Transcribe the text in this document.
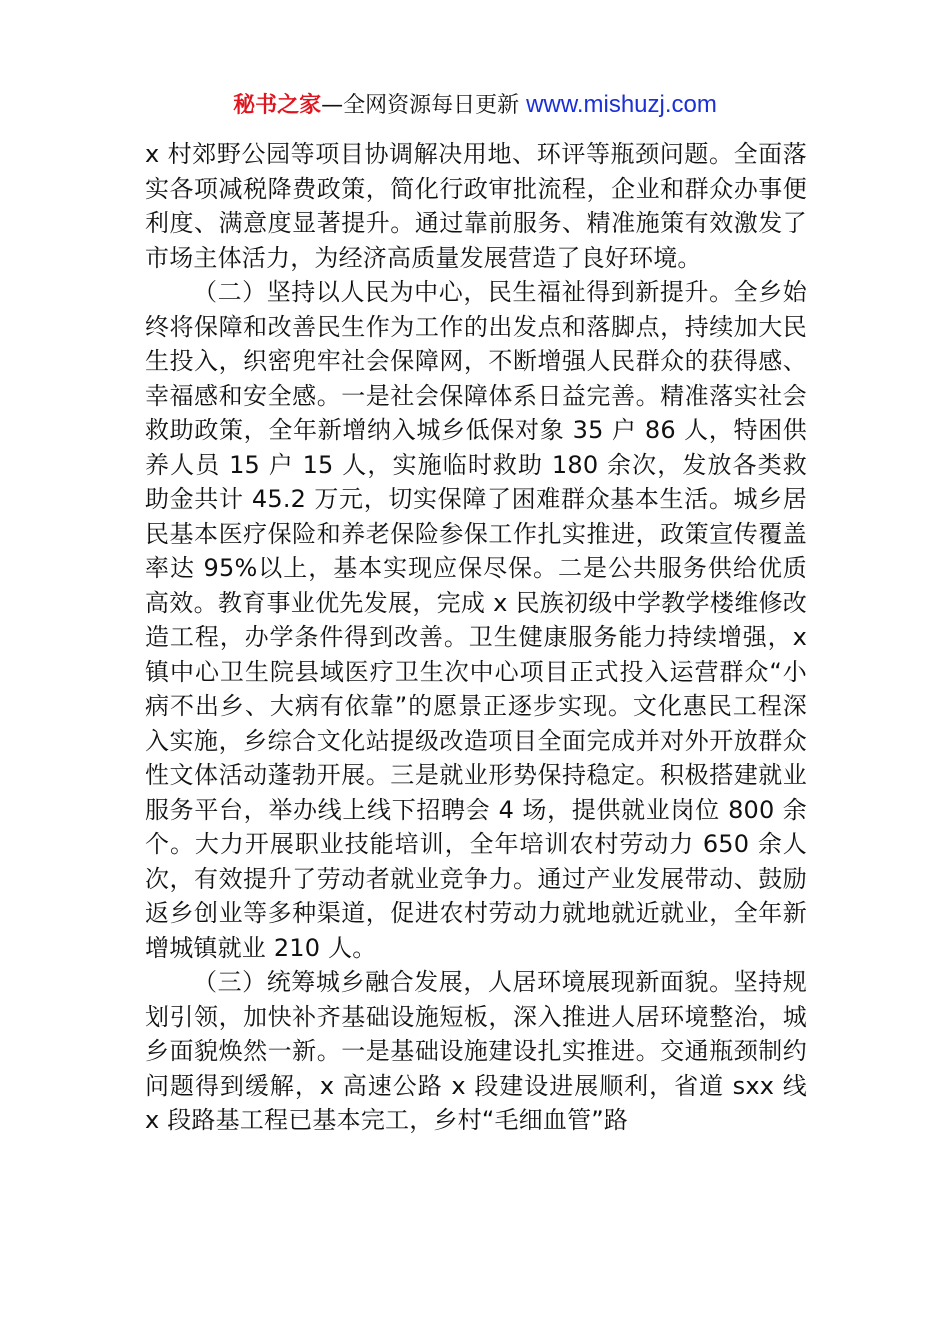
秘书之家—全网资源每日更新 www.mishuzj.com

x 村郊野公园等项目协调解决用地、环评等瓶颈问题。全面落实各项减税降费政策，简化行政审批流程，企业和群众办事便利度、满意度显著提升。通过靠前服务、精准施策有效激发了市场主体活力，为经济高质量发展营造了良好环境。

（二）坚持以人民为中心，民生福祉得到新提升。全乡始终将保障和改善民生作为工作的出发点和落脚点，持续加大民生投入，织密兜牢社会保障网，不断增强人民群众的获得感、幸福感和安全感。一是社会保障体系日益完善。精准落实社会救助政策，全年新增纳入城乡低保对象 35 户 86 人，特困供养人员 15 户 15 人，实施临时救助 180 余次，发放各类救助金共计 45.2 万元，切实保障了困难群众基本生活。城乡居民基本医疗保险和养老保险参保工作扎实推进，政策宣传覆盖率达 95%以上，基本实现应保尽保。二是公共服务供给优质高效。教育事业优先发展，完成 x 民族初级中学教学楼维修改造工程，办学条件得到改善。卫生健康服务能力持续增强，x 镇中心卫生院县域医疗卫生次中心项目正式投入运营群众“小病不出乡、大病有依靠”的愿景正逐步实现。文化惠民工程深入实施，乡综合文化站提级改造项目全面完成并对外开放群众性文体活动蓬勃开展。三是就业形势保持稳定。积极搭建就业服务平台，举办线上线下招聘会 4 场，提供就业岗位 800 余个。大力开展职业技能培训，全年培训农村劳动力 650 余人次，有效提升了劳动者就业竞争力。通过产业发展带动、鼓励返乡创业等多种渠道，促进农村劳动力就地就近就业，全年新增城镇就业 210 人。

（三）统筹城乡融合发展，人居环境展现新面貌。坚持规划引领，加快补齐基础设施短板，深入推进人居环境整治，城乡面貌焕然一新。一是基础设施建设扎实推进。交通瓶颈制约问题得到缓解，x 高速公路 x 段建设进展顺利，省道 sxx 线 x 段路基工程已基本完工，乡村“毛细血管”路
